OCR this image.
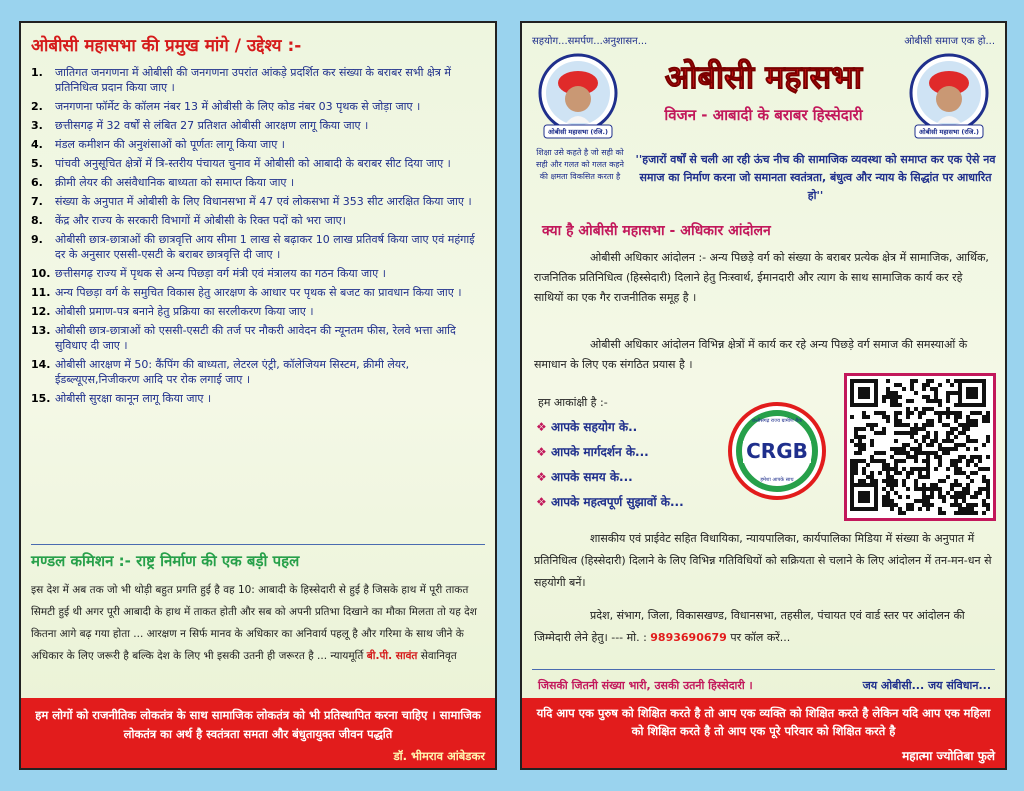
ओबीसी महासभा की प्रमुख मांगे / उद्देश्य :-
1.	जातिगत जनगणना में ओबीसी की जनगणना उपरांत आंकड़े प्रदर्शित कर संख्या के बराबर सभी क्षेत्र में प्रतिनिधित्व प्रदान किया जाए ।
2.	जनगणना फॉर्मेट के कॉलम नंबर 13 में ओबीसी के लिए कोड नंबर 03 पृथक से जोड़ा जाए ।
3.	छत्तीसगढ़ में 32 वर्षों से लंबित 27 प्रतिशत ओबीसी आरक्षण लागू किया जाए ।
4.	मंडल कमीशन की अनुशंसाओं को पूर्णतः लागू किया जाए ।
5.	पांचवी अनुसूचित क्षेत्रों में त्रि-स्तरीय पंचायत चुनाव में ओबीसी को आबादी के बराबर सीट दिया जाए ।
6.	क्रीमी लेयर की असंवैधानिक बाध्यता को समाप्त किया जाए ।
7.	संख्या के अनुपात में ओबीसी के लिए विधानसभा में 47 एवं लोकसभा में 353 सीट आरक्षित किया जाए ।
8.	केंद्र और राज्य के सरकारी विभागों में ओबीसी के रिक्त पदों को भरा जाए।
9.	ओबीसी छात्र-छात्राओं की छात्रवृत्ति आय सीमा 1 लाख से बढ़ाकर 10 लाख प्रतिवर्ष किया जाए एवं महंगाई दर के अनुसार एससी-एसटी के बराबर छात्रवृत्ति दी जाए ।
10. छत्तीसगढ़ राज्य में पृथक से अन्य पिछड़ा वर्ग मंत्री एवं मंत्रालय का गठन किया जाए ।
11. अन्य पिछड़ा वर्ग के समुचित विकास हेतु आरक्षण के आधार पर पृथक से बजट का प्रावधान किया जाए ।
12. ओबीसी प्रमाण-पत्र बनाने हेतु प्रक्रिया का सरलीकरण किया जाए ।
13. ओबीसी छात्र-छात्राओं को एससी-एसटी की तर्ज पर नौकरी आवेदन की न्यूनतम फीस, रेलवे भत्ता आदि सुविधाए दी जाए ।
14. ओबीसी आरक्षण में 50: कैंपिंग की बाध्यता, लेटरल एंट्री, कॉलेजियम सिस्टम, क्रीमी लेयर, ईडब्ल्यूएस,निजीकरण आदि पर रोक लगाई जाए ।
15. ओबीसी सुरक्षा कानून लागू किया जाए ।
मण्डल कमिशन :- राष्ट्र निर्माण की एक बड़ी पहल
इस देश में अब तक जो भी थोड़ी बहुत प्रगति हुई है वह 10: आबादी के हिस्सेदारी से हुई है जिसके हाथ में पूरी ताकत सिमटी हुई थी अगर पूरी आबादी के हाथ में ताकत होती और सब को अपनी प्रतिभा दिखाने का मौका मिलता तो यह देश कितना आगे बढ़ गया होता ... आरक्षण न सिर्फ मानव के अधिकार का अनिवार्य पहलू है और गरिमा के साथ जीने के अधिकार के लिए जरूरी है बल्कि देश के लिए भी इसकी उतनी ही जरूरत है ... न्यायमूर्ति बी.पी. सावंत सेवानिवृत
हम लोगों को राजनीतिक लोकतंत्र के साथ सामाजिक लोकतंत्र को भी प्रतिस्थापित करना चाहिए । सामाजिक लोकतंत्र का अर्थ है स्वतंत्रता समता और बंधुतायुक्त जीवन पद्धति
डॉ. भीमराव आंबेडकर
सहयोग...समर्पण...अनुशासन...	ओबीसी समाज एक हो...
ओबीसी महासभा (रजि.)	ओबीसी महासभा (रजि.)
ओबीसी महासभा
विजन - आबादी के बराबर हिस्सेदारी
शिक्षा उसे कहते है जो सही को सही और गलत को गलत कहने की क्षमता विकसित करता है
''हजारों वर्षों से चली आ रही ऊंच नीच की सामाजिक व्यवस्था को समाप्त कर एक ऐसे नव समाज का निर्माण करना जो समानता स्वतंत्रता, बंधुत्व और न्याय के सिद्धांत पर आधारित हो''
क्या है ओबीसी महासभा - अधिकार आंदोलन
ओबीसी अधिकार आंदोलन :- अन्य पिछड़े वर्ग को संख्या के बराबर प्रत्येक क्षेत्र में सामाजिक, आर्थिक, राजनितिक प्रतिनिधित्व (हिस्सेदारी) दिलाने हेतु निःस्वार्थ, ईमानदारी और त्याग के साथ सामाजिक कार्य कर रहे साथियों का एक गैर राजनीतिक समूह है ।
ओबीसी अधिकार आंदोलन विभिन्न क्षेत्रों में कार्य कर रहे अन्य पिछड़े वर्ग समाज की समस्याओं के समाधान के लिए एक संगठित प्रयास है ।
हम आकांक्षी है :-
❖ आपके सहयोग के..
❖ आपके मार्गदर्शन के...
❖ आपके समय के...
❖ आपके महत्वपूर्ण सुझावों के...
CRGB
छत्तीसगढ़ राज्य ग्रामीण बैंक
हमेशा आपके साथ
शासकीय एवं प्राईवेट सहित विधायिका, न्यायपालिका, कार्यपालिका मिडिया में संख्या के अनुपात में प्रतिनिधित्व (हिस्सेदारी) दिलाने के लिए विभिन्न गतिविधियों को सक्रियता से चलाने के लिए आंदोलन में तन-मन-धन से सहयोगी बनें।
प्रदेश, संभाग, जिला, विकासखण्ड, विधानसभा, तहसील, पंचायत एवं वार्ड स्तर पर आंदोलन की जिम्मेदारी लेने हेतु। --- मो. : 9893690679 पर कॉल करें...
जिसकी जितनी संख्या भारी, उसकी उतनी हिस्सेदारी ।	जय ओबीसी... जय संविधान...
यदि आप एक पुरुष को शिक्षित करते है तो आप एक व्यक्ति को शिक्षित करते है लेकिन यदि आप एक महिला को शिक्षित करते है तो आप एक पूरे परिवार को शिक्षित करते है
महात्मा ज्योतिबा फुले
